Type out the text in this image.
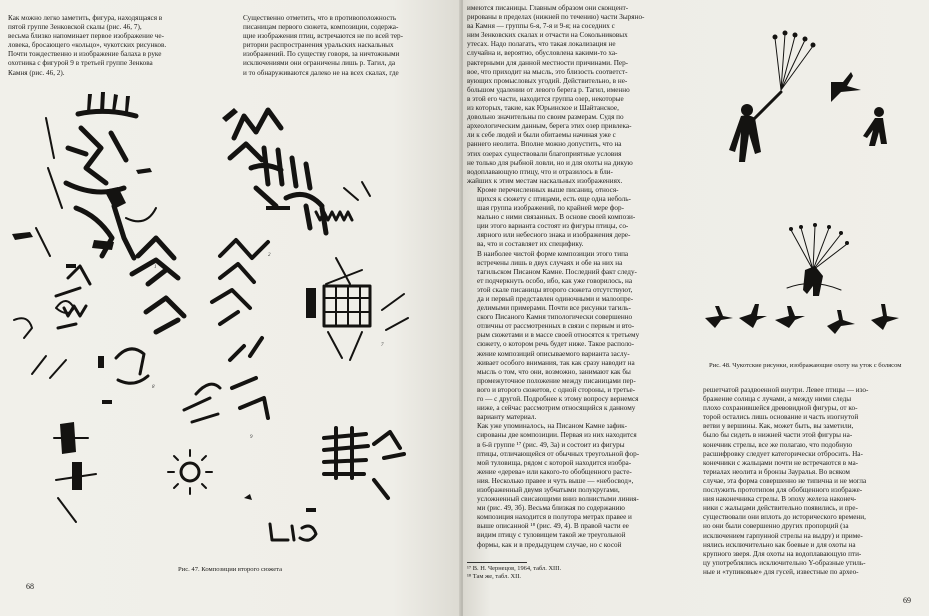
Как можно легко заметить, фигура, находящаяся в
пятой группе Зенковской скалы (рис. 46, 7),
весьма близко напоминает первое изображение че-
ловека, бросающего «кольцо», чукотских рисунков.
Почти тождественно и изображение балаха в руке
охотника с фигурой 9 в третьей группе Зенкова
Камня (рис. 46, 2).

Существенно отметить, что в противоположность
писаницам первого сюжета, композиции, содержа-
щие изображения птиц, встречаются не по всей тер-
ритории распространения уральских наскальных
изображений. По существу говоря, за ничтожными
исключениями они ограничены лишь р. Тагил, да
и то обнаруживаются далеко не на всех скалах, где

1
2
7
8
9
Рис. 47. Композиции второго сюжета
68

имеются писаницы. Главным образом они сконцент-
рированы в пределах (нижней по течению) части Зыряно-
ва Камня — группы 6-я, 7-я и 9-я; на соседних с
ним Зенковских скалах и отчасти на Сокольниковых
утесах. Надо полагать, что такая локализация не
случайна и, вероятно, обусловлена какими-то ха-
рактерными для данной местности причинами. Пер-
вое, что приходит на мысль, это близость соответст-
вующих промысловых угодий. Действительно, в не-
большом удалении от левого берега р. Тагил, именно
в этой его части, находится группа озер, некоторые
из которых, такие, как Юрьинское и Шайтанское,
довольно значительны по своим размерам. Судя по
археологическим данным, берега этих озер привлека-
ли к себе людей и были обитаемы начиная уже с
раннего неолита. Вполне можно допустить, что на
этих озерах существовали благоприятные условия
не только для рыбной ловли, но и для охоты на дикую
водоплавающую птицу, что и отразилось в бли-
жайших к этим местам наскальных изображениях.

Кроме перечисленных выше писаниц, относя-
щихся к сюжету с птицами, есть еще одна неболь-
шая группа изображений, по крайней мере фор-
мально с ними связанных. В основе своей компози-
ции этого варианта состоят из фигуры птицы, со-
лярного или небесного знака и изображения дере-
ва, что и составляет их специфику.

В наиболее чистой форме композиции этого типа
встречены лишь в двух случаях и обе на них на
тагильском Писаном Камне. Последний факт следу-
ет подчеркнуть особо, ибо, как уже говорилось, на
этой скале писаницы второго сюжета отсутствуют,
да и первый представлен одиночными и малоопре-
делимыми примерами. Почти все рисунки тагиль-
ского Писаного Камня типологически совершенно
отличны от рассмотренных в связи с первым и вто-
рым сюжетами и в массе своей относятся к третьему
сюжету, о котором речь будет ниже. Такое располо-
жение композиций описываемого варианта заслу-
живает особого внимания, так как сразу наводит на
мысль о том, что они, возможно, занимают как бы
промежуточное положение между писаницами пер-
вого и второго сюжетов, с одной стороны, и третье-
го — с другой. Подробнее к этому вопросу вернемся
ниже, а сейчас рассмотрим относящийся к данному
варианту материал.

Как уже упоминалось, на Писаном Камне зафик-
сированы две композиции. Первая из них находится
в 6-й группе ¹⁷ (рис. 49, 3а) и состоит из фигуры
птицы, отличающейся от обычных треугольной фор-
мой туловища, рядом с которой находится изобра-
жение «дерева» или какого-то обобщенного расте-
ния. Несколько правее и чуть выше — «небосвод»,
изображенный двумя зубчатыми полукругами,
усложненный свисающими вниз волнистыми линия-
ми (рис. 49, 3б). Весьма близкая по содержанию
композиция находится в полутора метрах правее и
выше описанной ¹⁸ (рис. 49, 4). В правой части ее
видим птицу с туловищем такой же треугольной
формы, как и в предыдущем случае, но с косой

¹⁷ В. Н. Чернецов, 1964, табл. XIII.
¹⁸ Там же, табл. XII.
Рис. 48. Чукотские рисунки, изображающие охоту на уток с болясом

решетчатой раздвоенной внутри. Левее птицы — изо-
бражение солнца с лучами, а между ними следы
плохо сохранившейся древовидной фигуры, от ко-
торой остались лишь основание и часть изогнутой
ветви у вершины. Как, может быть, вы заметили,
было бы сидеть в нижней части этой фигуры на-
конечник стрелы, все же полагаю, что подобную
расшифровку следует категорически отбросить. На-
конечники с жальцами почти не встречаются в ма-
териалах неолита и бронзы Зауралья. Во всяком
случае, эта форма совершенно не типична и не могла
послужить прототипом для обобщенного изображе-
ния наконечника стрелы. В эпоху железа наконеч-
ники с жальцами действительно появились, и пре-
существовали они вплоть до исторического времени,
но они были совершенно других пропорций (за
исключением гарпунной стрелы на выдру) и приме-
нялись исключительно как боевые и для охоты на
крупного зверя. Для охоты на водоплавающую пти-
цу употреблялись исключительно Y-образные утиль-
ные и «тупиковые» для гусей, известные по архео-

69
